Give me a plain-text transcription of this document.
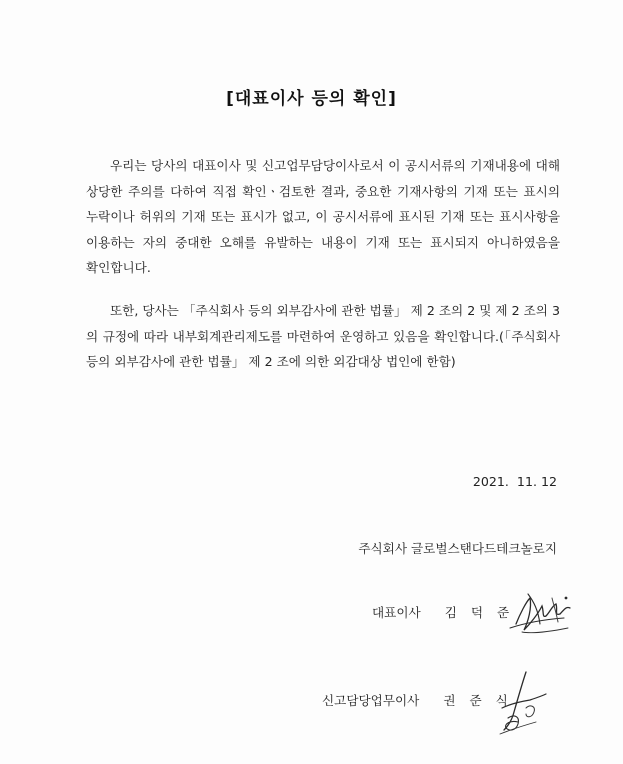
[대표이사 등의 확인]
우리는 당사의 대표이사 및 신고업무담당이사로서 이 공시서류의 기재내용에 대해 상당한 주의를 다하여 직접 확인ㆍ검토한 결과, 중요한 기재사항의 기재 또는 표시의 누락이나 허위의 기재 또는 표시가 없고, 이 공시서류에 표시된 기재 또는 표시사항을 이용하는 자의 중대한 오해를 유발하는 내용이 기재 또는 표시되지 아니하였음을 확인합니다.
또한, 당사는 「주식회사 등의 외부감사에 관한 법률」 제 2 조의 2 및 제 2 조의 3 의 규정에 따라 내부회계관리제도를 마련하여 운영하고 있음을 확인합니다.(「주식회사 등의 외부감사에 관한 법률」 제 2 조에 의한 외감대상 법인에 한함)
2021.  11. 12
주식회사 글로벌스탠다드테크놀로지
대표이사 김 덕 준
신고담당업무이사 권 준 식
